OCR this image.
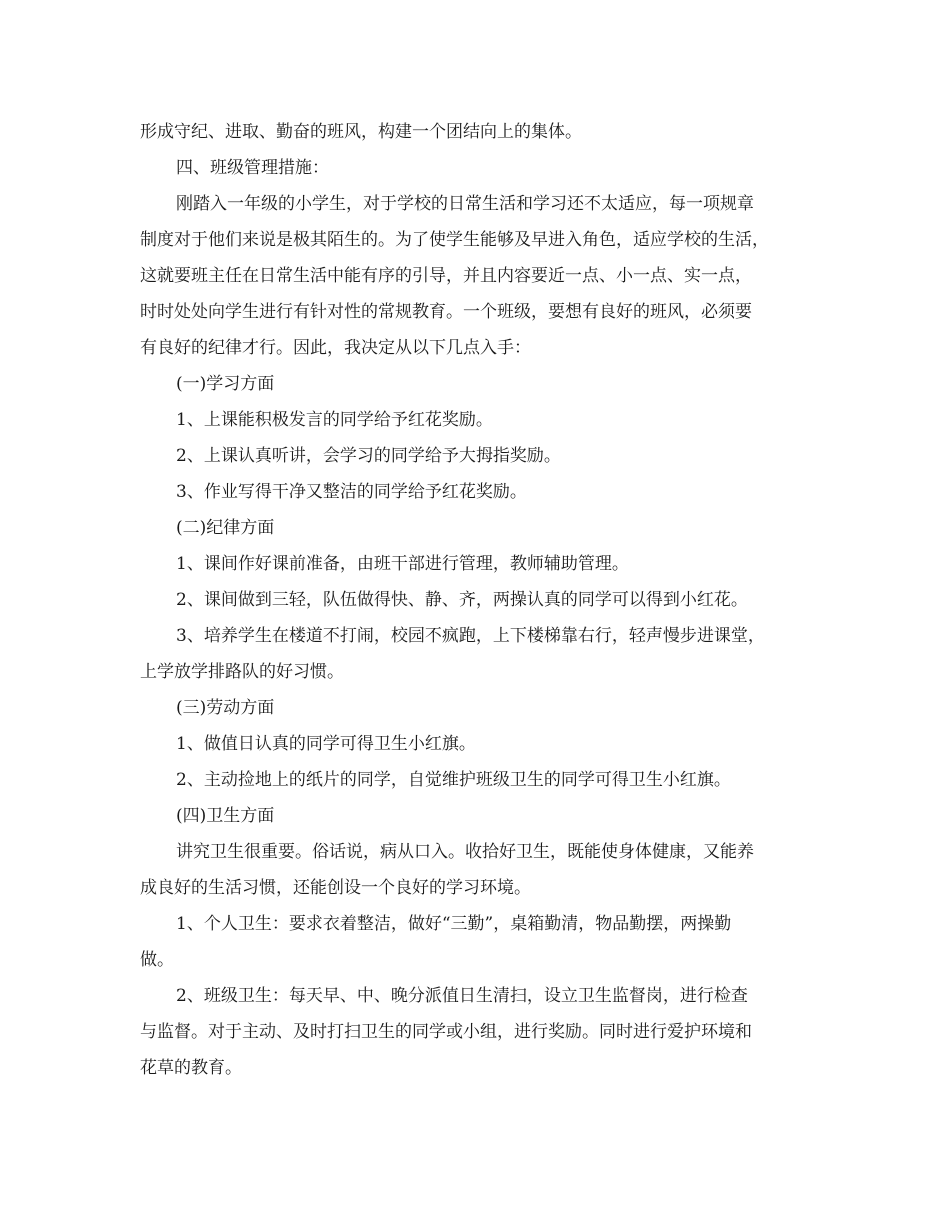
形成守纪、进取、勤奋的班风，构建一个团结向上的集体。
四、班级管理措施：
刚踏入一年级的小学生，对于学校的日常生活和学习还不太适应，每一项规章
制度对于他们来说是极其陌生的。为了使学生能够及早进入角色，适应学校的生活，
这就要班主任在日常生活中能有序的引导，并且内容要近一点、小一点、实一点，
时时处处向学生进行有针对性的常规教育。一个班级，要想有良好的班风，必须要
有良好的纪律才行。因此，我决定从以下几点入手：
(一)学习方面
1、上课能积极发言的同学给予红花奖励。
2、上课认真听讲，会学习的同学给予大拇指奖励。
3、作业写得干净又整洁的同学给予红花奖励。
(二)纪律方面
1、课间作好课前准备，由班干部进行管理，教师辅助管理。
2、课间做到三轻，队伍做得快、静、齐，两操认真的同学可以得到小红花。
3、培养学生在楼道不打闹，校园不疯跑，上下楼梯靠右行，轻声慢步进课堂，
上学放学排路队的好习惯。
(三)劳动方面
1、做值日认真的同学可得卫生小红旗。
2、主动捡地上的纸片的同学，自觉维护班级卫生的同学可得卫生小红旗。
(四)卫生方面
讲究卫生很重要。俗话说，病从口入。收拾好卫生，既能使身体健康，又能养
成良好的生活习惯，还能创设一个良好的学习环境。
1、个人卫生：要求衣着整洁，做好“三勤”，桌箱勤清，物品勤摆，两操勤
做。
2、班级卫生：每天早、中、晚分派值日生清扫，设立卫生监督岗，进行检查
与监督。对于主动、及时打扫卫生的同学或小组，进行奖励。同时进行爱护环境和
花草的教育。
